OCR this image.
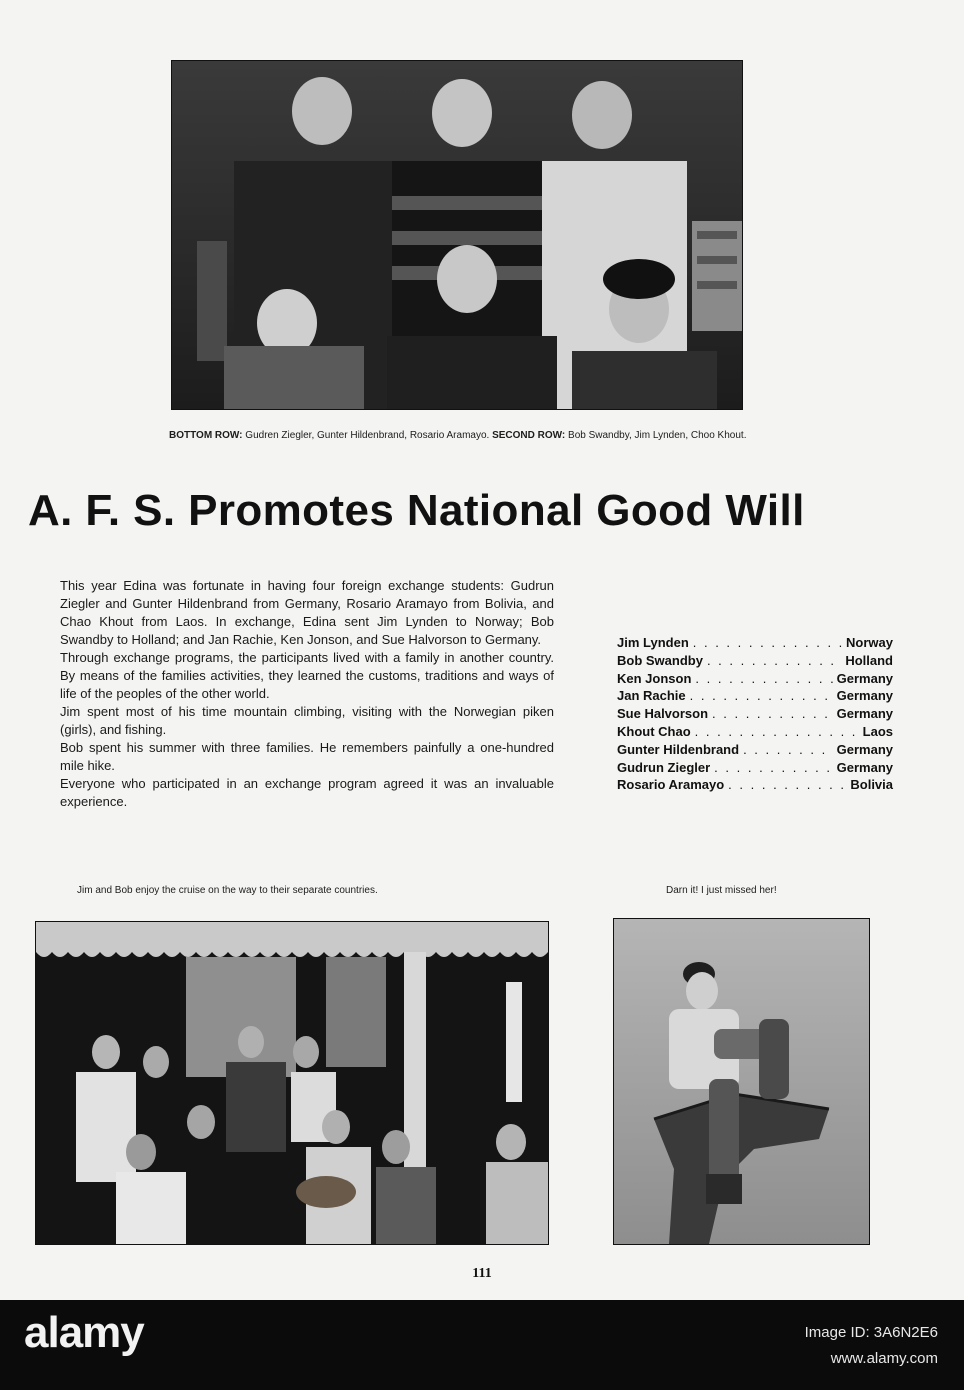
BOTTOM ROW: Gudren Ziegler, Gunter Hildenbrand, Rosario Aramayo. SECOND ROW: Bob Swandby, Jim Lynden, Choo Khout.
A. F. S. Promotes National Good Will

This year Edina was fortunate in having four foreign exchange students: Gudrun Ziegler and Gunter Hildenbrand from Germany, Rosario Aramayo from Bolivia, and Chao Khout from Laos. In exchange, Edina sent Jim Lynden to Norway; Bob Swandby to Holland; and Jan Rachie, Ken Jonson, and Sue Halvorson to Germany.

Through exchange programs, the participants lived with a family in another country. By means of the families activities, they learned the customs, traditions and ways of life of the peoples of the other world.

Jim spent most of his time mountain climbing, visiting with the Norwegian piken (girls), and fishing.

Bob spent his summer with three families. He remembers painfully a one-hundred mile hike.

Everyone who participated in an exchange program agreed it was an invaluable experience.

Jim Lynden . . .	Norway
Bob Swandby . . .	Holland
Ken Jonson . . .	Germany
Jan Rachie . . .	Germany
Sue Halvorson . . .	Germany
Khout Chao . . .	Laos
Gunter Hildenbrand . . .	Germany
Gudrun Ziegler . . .	Germany
Rosario Aramayo . . .	Bolivia
Jim and Bob enjoy the cruise on the way to their separate countries.	Darn it! I just missed her!
111
alamy	Image ID: 3A6N2E6
www.alamy.com
